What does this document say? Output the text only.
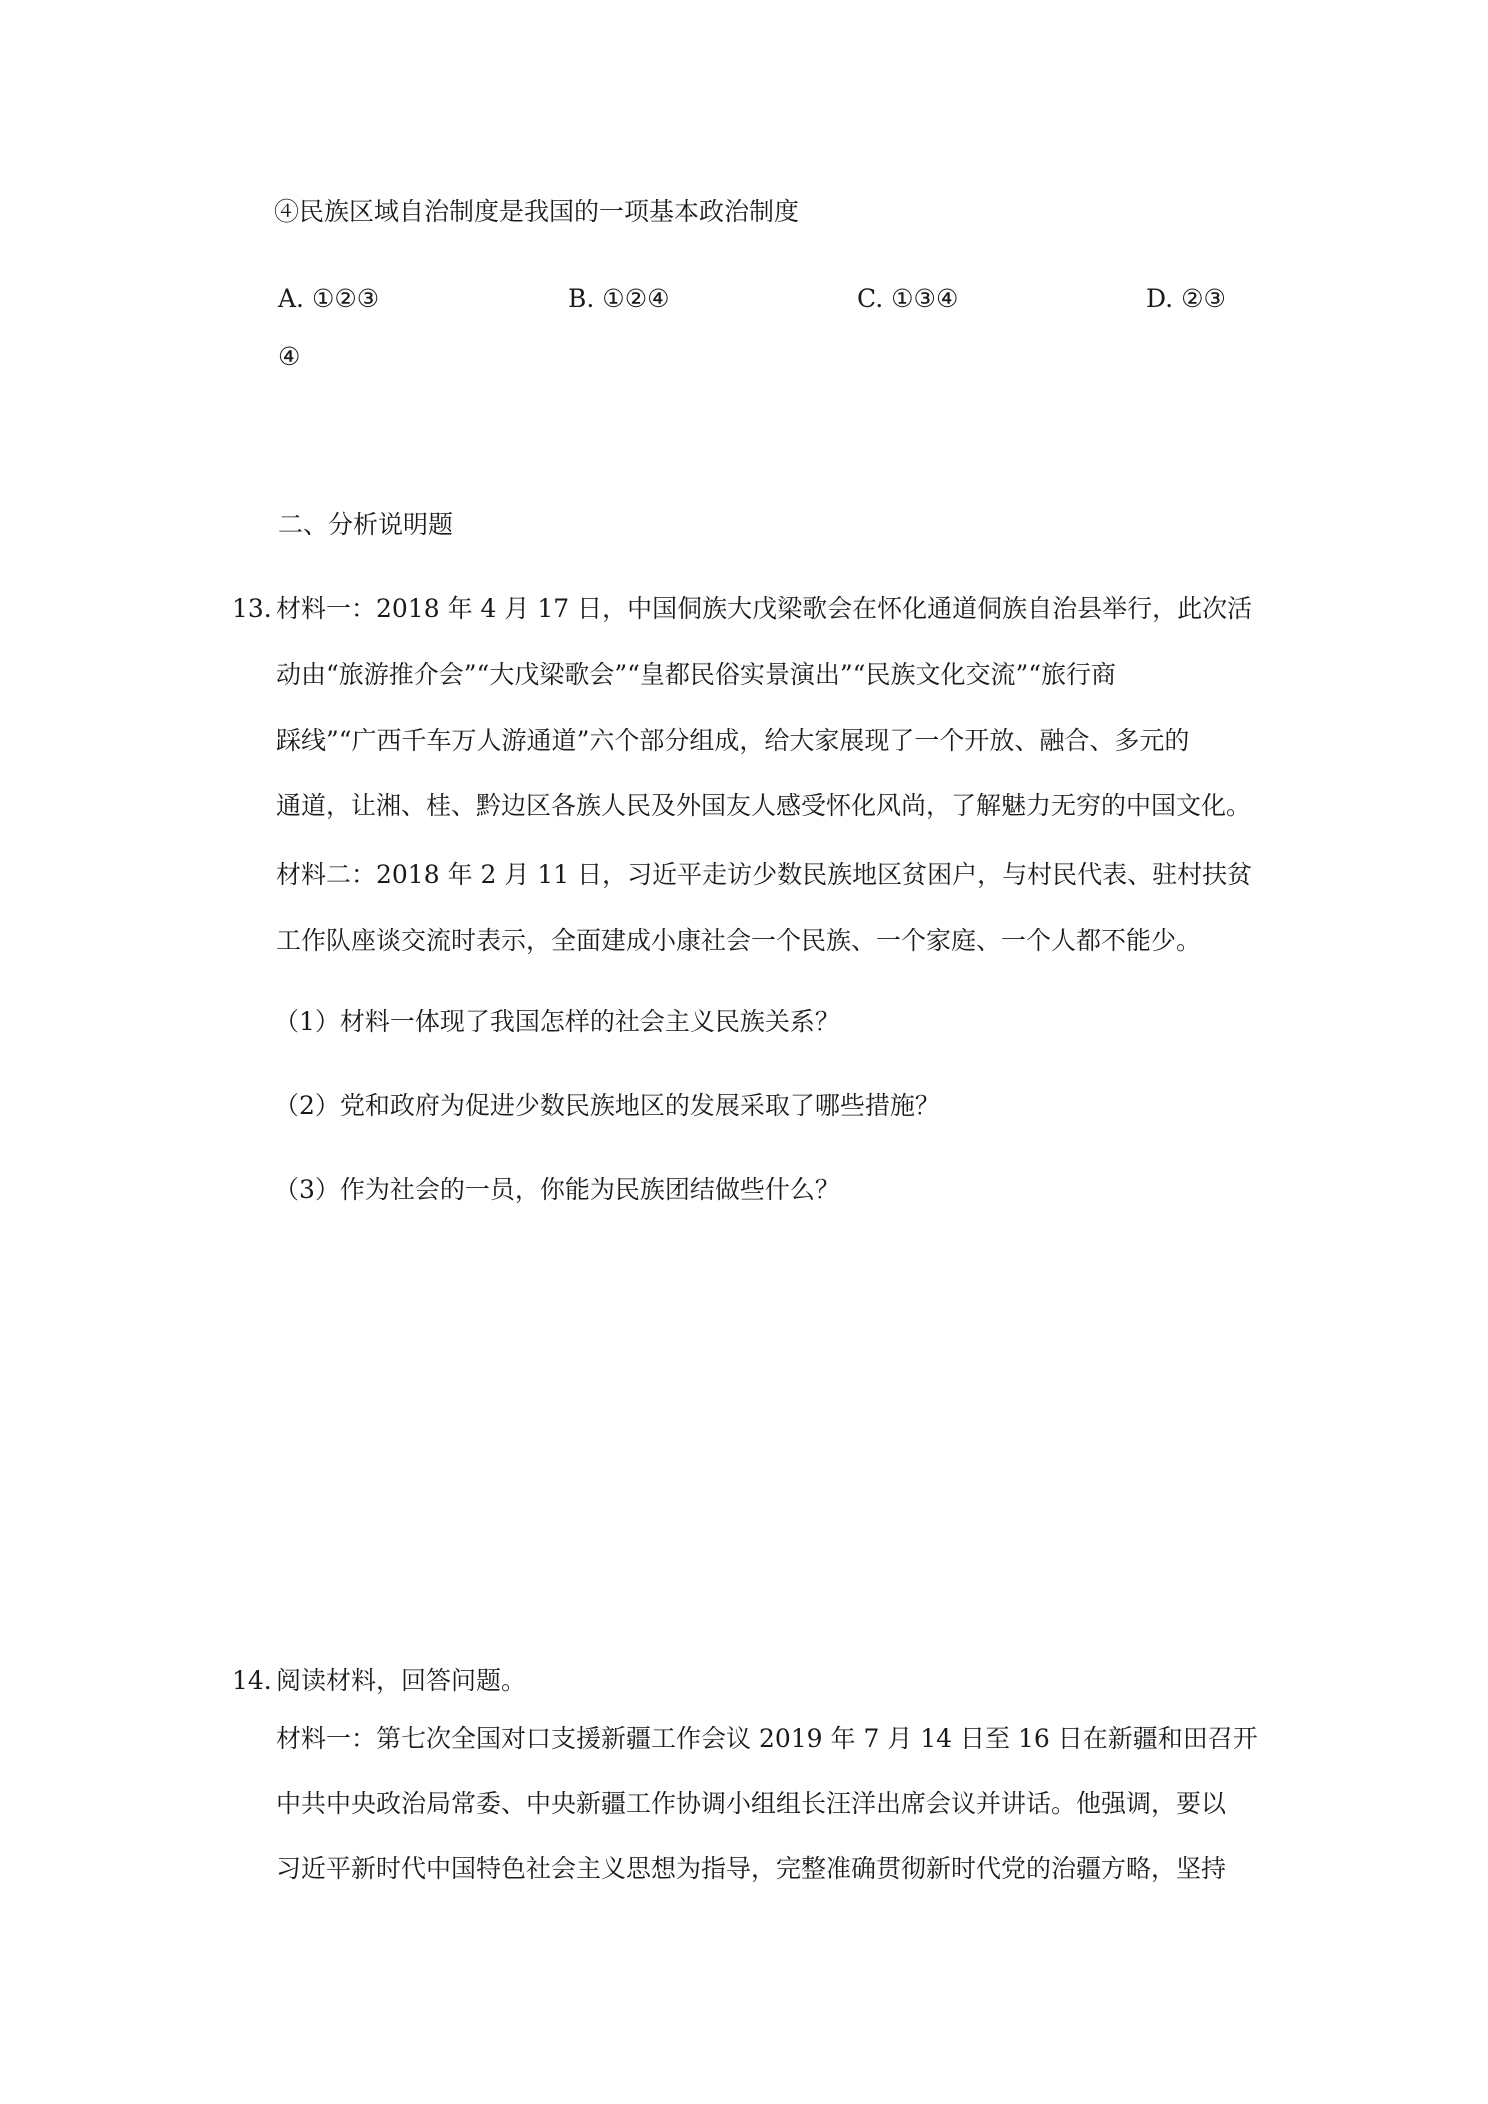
④民族区域自治制度是我国的一项基本政治制度
A. ①②③	B. ①②④	C. ①③④	D. ②③
④
二、分析说明题
13. 材料一：2018 年 4 月 17 日，中国侗族大戊梁歌会在怀化通道侗族自治县举行，此次活
动由“旅游推介会”“大戊梁歌会”“皇都民俗实景演出”“民族文化交流”“旅行商
踩线”“广西千车万人游通道”六个部分组成，给大家展现了一个开放、融合、多元的
通道，让湘、桂、黔边区各族人民及外国友人感受怀化风尚，了解魅力无穷的中国文化。
材料二：2018 年 2 月 11 日，习近平走访少数民族地区贫困户，与村民代表、驻村扶贫
工作队座谈交流时表示，全面建成小康社会一个民族、一个家庭、一个人都不能少。
（1）材料一体现了我国怎样的社会主义民族关系？
（2）党和政府为促进少数民族地区的发展采取了哪些措施？
（3）作为社会的一员，你能为民族团结做些什么？
14. 阅读材料，回答问题。
材料一：第七次全国对口支援新疆工作会议 2019 年 7 月 14 日至 16 日在新疆和田召开
中共中央政治局常委、中央新疆工作协调小组组长汪洋出席会议并讲话。他强调，要以
习近平新时代中国特色社会主义思想为指导，完整准确贯彻新时代党的治疆方略，坚持
